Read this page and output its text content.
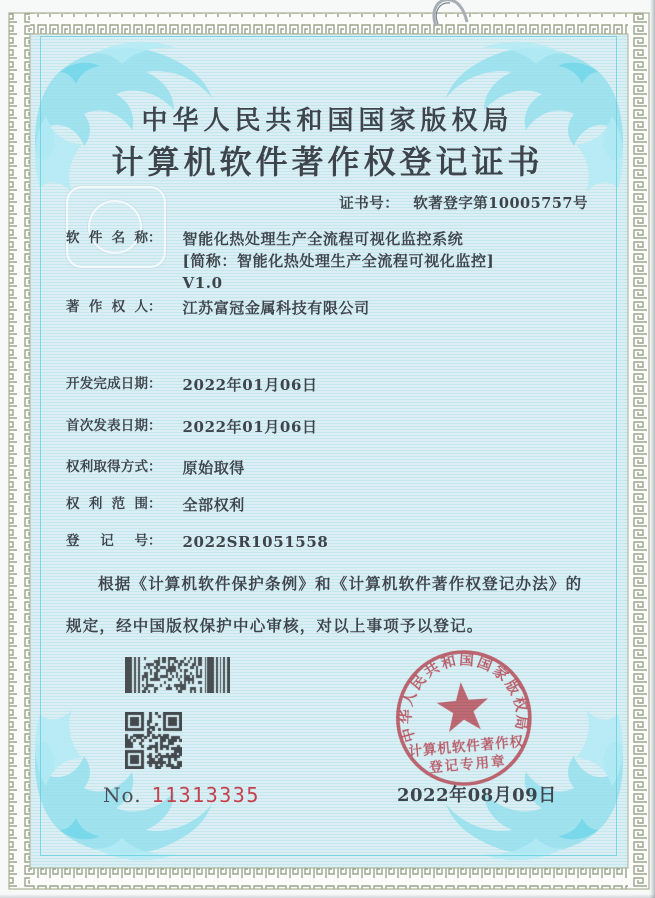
中华人民共和国国家版权局
计算机软件著作权登记证书
证书号： 软著登字第10005757号
软件名称 ： 智能化热处理生产全流程可视化监控系统
[简称：智能化热处理生产全流程可视化监控]
V1.0
著作权人 ： 江苏富冠金属科技有限公司
开发完成日期 ： 2022年01月06日
首次发表日期 ： 2022年01月06日
权利取得方式 ： 原始取得
权利范围 ： 全部权利
登记号 ： 2022SR1051558
根据《计算机软件保护条例》和《计算机软件著作权登记办法》的
规定，经中国版权保护中心审核，对以上事项予以登记。
No. 11313335
中华人民共和国国家版权局
计算机软件著作权
登记专用章
2022年08月09日
